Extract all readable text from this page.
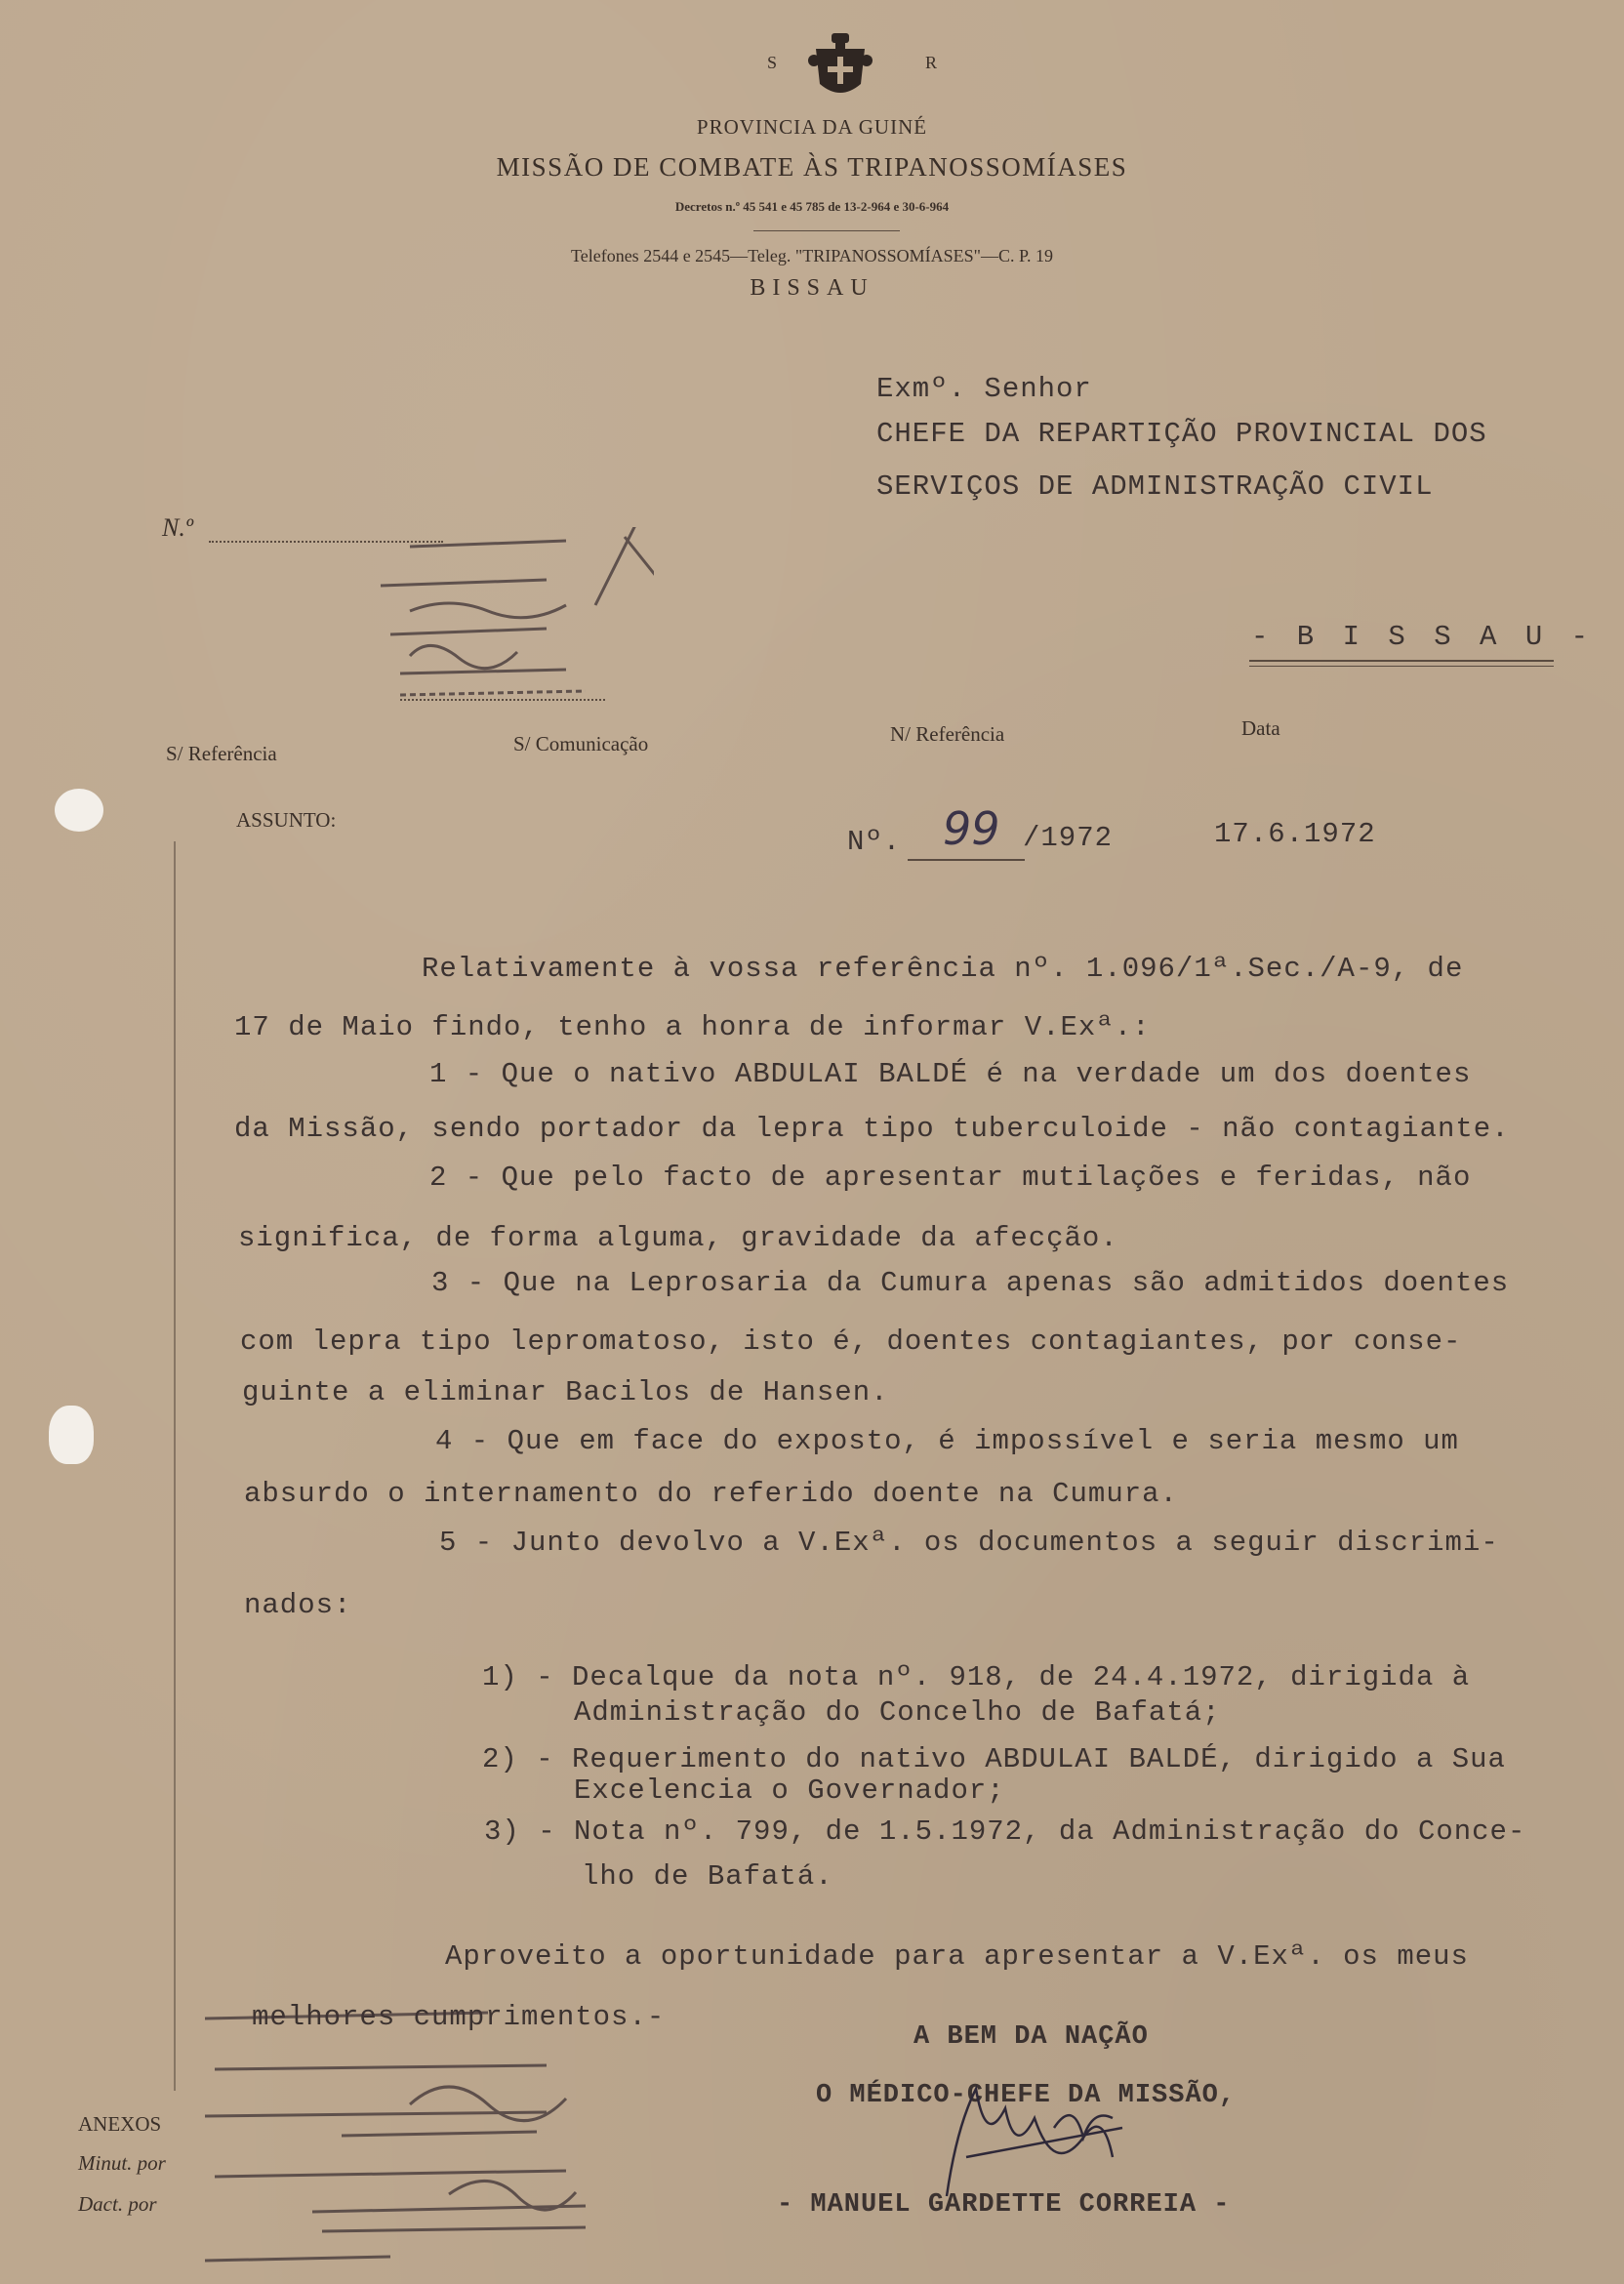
S	R
PROVINCIA DA GUINÉ
MISSÃO DE COMBATE ÀS TRIPANOSSOMÍASES
Decretos n.º 45 541 e 45 785 de 13-2-964 e 30-6-964
Telefones 2544 e 2545—Teleg. "TRIPANOSSOMÍASES"—C. P. 19
BISSAU
Exmº. Senhor
CHEFE DA REPARTIÇÃO PROVINCIAL DOS
SERVIÇOS DE ADMINISTRAÇÃO CIVIL
- B I S S A U -
N.º
S/ Referência	S/ Comunicação	N/ Referência	Data
ASSUNTO:
Nº. 99 /1972	17.6.1972
Relativamente à vossa referência nº. 1.096/1ª.Sec./A-9, de
17 de Maio findo, tenho a honra de informar V.Exª.:
1 - Que o nativo ABDULAI BALDÉ é na verdade um dos doentes
da Missão, sendo portador da lepra tipo tuberculoide - não contagiante.
2 - Que pelo facto de apresentar mutilações e feridas, não
significa, de forma alguma, gravidade da afecção.
3 - Que na Leprosaria da Cumura apenas são admitidos doentes
com lepra tipo lepromatoso, isto é, doentes contagiantes, por conse-
guinte a eliminar Bacilos de Hansen.
4 - Que em face do exposto, é impossível e seria mesmo um
absurdo o internamento do referido doente na Cumura.
5 - Junto devolvo a V.Exª. os documentos a seguir discrimi-
nados:
1) - Decalque da nota nº. 918, de 24.4.1972, dirigida à
Administração do Concelho de Bafatá;
2) - Requerimento do nativo ABDULAI BALDÉ, dirigido a Sua
Excelencia o Governador;
3) - Nota nº. 799, de 1.5.1972, da Administração do Conce-
lho de Bafatá.
Aproveito a oportunidade para apresentar a V.Exª. os meus
melhores cumprimentos.-
A BEM DA NAÇÃO
O MÉDICO-CHEFE DA MISSÃO,
- MANUEL GARDETTE CORREIA -
ANEXOS
Minut. por
Dact. por
